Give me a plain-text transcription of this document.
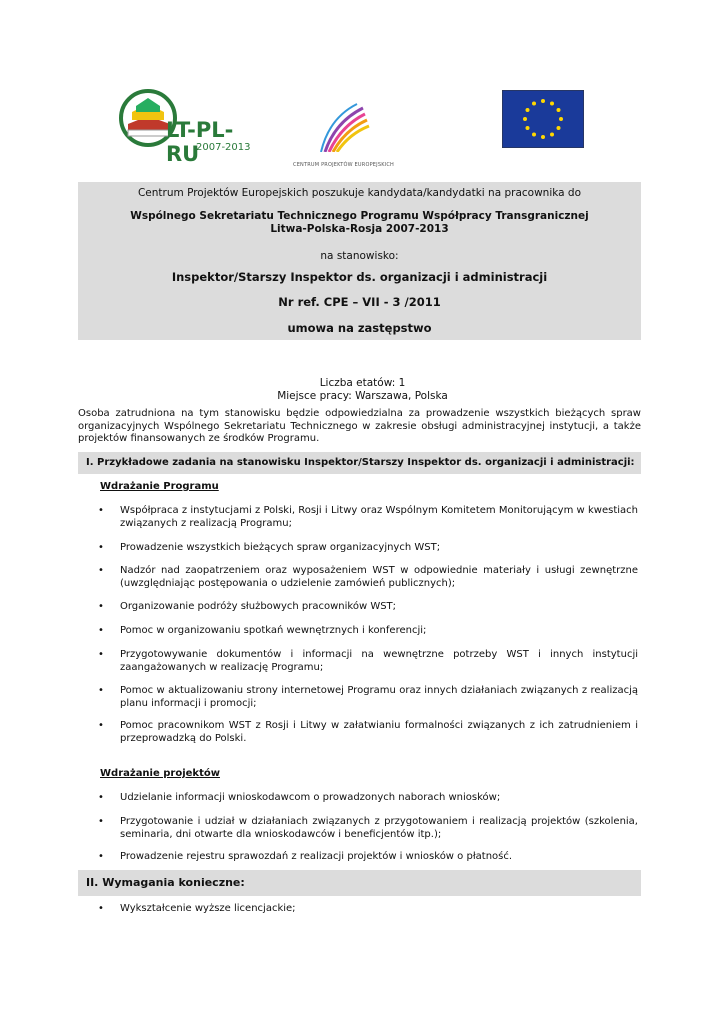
LT-PL-RU
2007-2013
CENTRUM PROJEKTÓW EUROPEJSKICH
Centrum Projektów Europejskich poszukuje kandydata/kandydatki na pracownika do
Wspólnego Sekretariatu Technicznego Programu Współpracy Transgranicznej
Litwa-Polska-Rosja 2007-2013
na stanowisko:
Inspektor/Starszy Inspektor ds. organizacji i administracji
Nr ref. CPE – VII - 3 /2011
umowa na zastępstwo
Liczba etatów: 1
Miejsce pracy: Warszawa, Polska
Osoba zatrudniona na tym stanowisku będzie odpowiedzialna za prowadzenie wszystkich bieżących spraw organizacyjnych Wspólnego Sekretariatu Technicznego w zakresie obsługi administracyjnej instytucji, a także projektów finansowanych ze środków Programu.
I. Przykładowe zadania na stanowisku Inspektor/Starszy Inspektor ds. organizacji i administracji:
Wdrażanie Programu
•	Współpraca z instytucjami z Polski, Rosji i Litwy oraz Wspólnym Komitetem Monitorującym w kwestiach związanych z realizacją Programu;
•	Prowadzenie wszystkich bieżących spraw organizacyjnych WST;
•	Nadzór nad zaopatrzeniem oraz wyposażeniem WST w odpowiednie materiały i usługi zewnętrzne (uwzględniając postępowania o udzielenie zamówień publicznych);
•	Organizowanie podróży służbowych pracowników WST;
•	Pomoc w organizowaniu spotkań wewnętrznych i konferencji;
•	Przygotowywanie dokumentów i informacji na wewnętrzne potrzeby WST i innych instytucji zaangażowanych w realizację Programu;
•	Pomoc w aktualizowaniu strony internetowej Programu oraz innych działaniach związanych z realizacją planu informacji i promocji;
•	Pomoc pracownikom WST z Rosji i Litwy w załatwianiu formalności związanych z ich zatrudnieniem i przeprowadzką do Polski.
Wdrażanie projektów
•	Udzielanie informacji wnioskodawcom o prowadzonych naborach wniosków;
•	Przygotowanie i udział w działaniach związanych z przygotowaniem i realizacją projektów (szkolenia, seminaria, dni otwarte dla wnioskodawców i beneficjentów itp.);
•	Prowadzenie rejestru sprawozdań z realizacji projektów i wniosków o płatność.
II. Wymagania konieczne:
•	Wykształcenie wyższe licencjackie;
